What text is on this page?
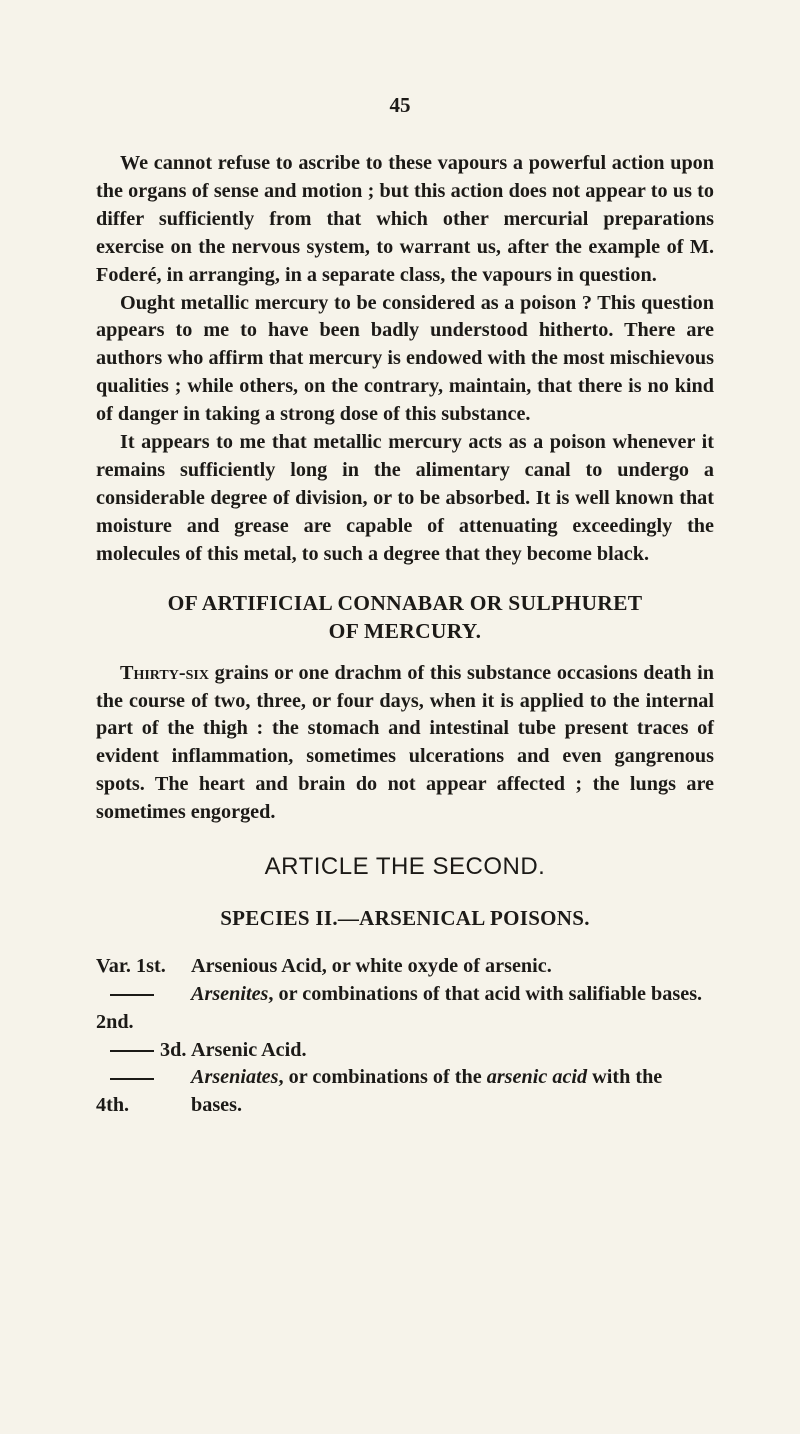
45

We cannot refuse to ascribe to these vapours a powerful action upon the organs of sense and motion ; but this action does not appear to us to differ sufficiently from that which other mercurial preparations exercise on the nervous system, to warrant us, after the example of M. Foderé, in arranging, in a separate class, the vapours in question.

Ought metallic mercury to be considered as a poison ? This question appears to me to have been badly understood hitherto. There are authors who affirm that mercury is endowed with the most mischievous qualities ; while others, on the contrary, maintain, that there is no kind of danger in taking a strong dose of this substance.

It appears to me that metallic mercury acts as a poison whenever it remains sufficiently long in the alimentary canal to undergo a considerable degree of division, or to be absorbed. It is well known that moisture and grease are capable of attenuating exceedingly the molecules of this metal, to such a degree that they become black.

OF ARTIFICIAL CONNABAR OR SULPHURET
OF MERCURY.

Thirty-six grains or one drachm of this substance occasions death in the course of two, three, or four days, when it is applied to the internal part of the thigh : the stomach and intestinal tube present traces of evident inflammation, sometimes ulcerations and even gangrenous spots. The heart and brain do not appear affected ; the lungs are sometimes engorged.

ARTICLE THE SECOND.
SPECIES II.—ARSENICAL POISONS.
Var. 1st.	Arsenious Acid, or white oxyde of arsenic.
2nd.
Arsenites, or combinations of that acid with salifiable bases.
3d. Arsenic Acid.
4th.
Arseniates, or combinations of the arsenic acid with the bases.
